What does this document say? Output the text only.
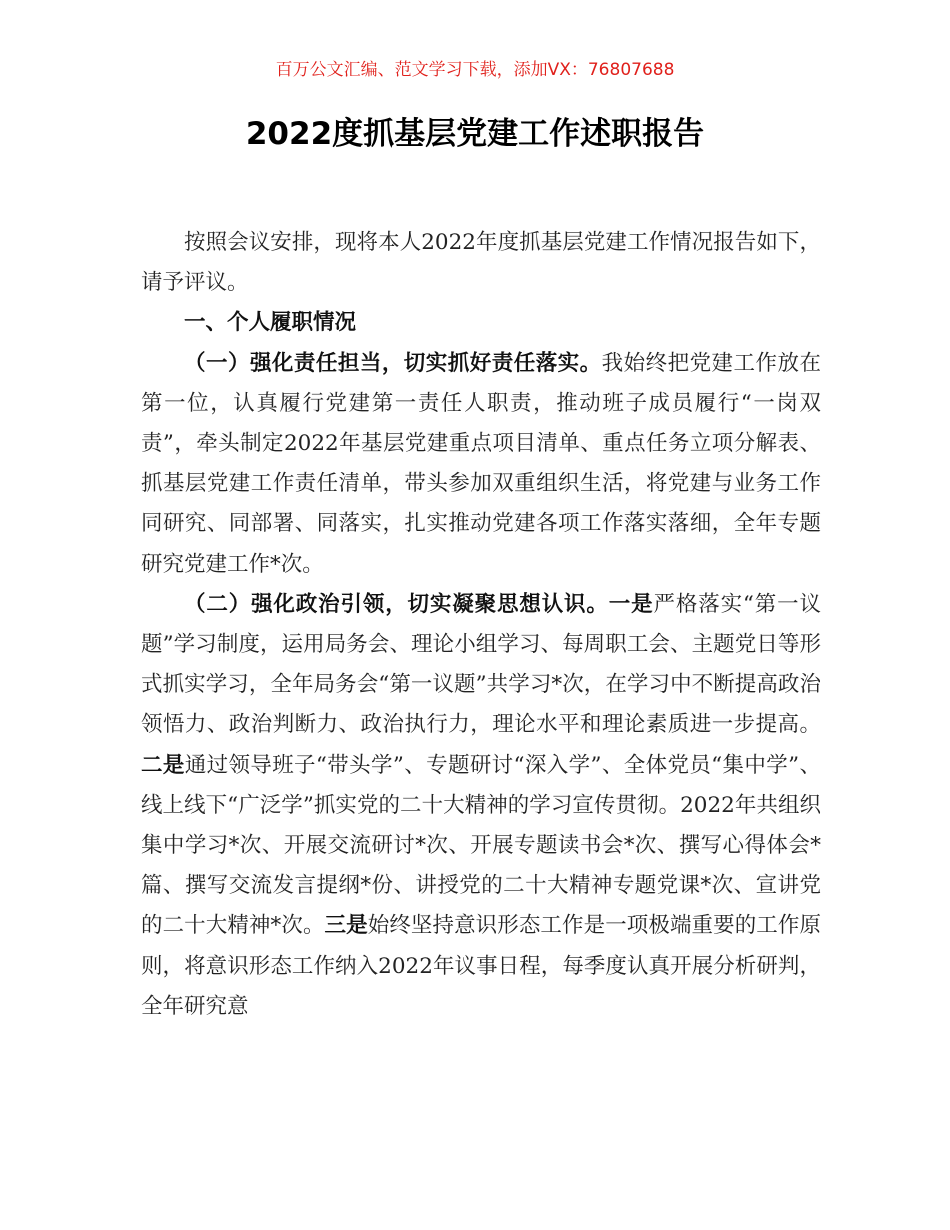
百万公文汇编、范文学习下载，添加VX：76807688
2022度抓基层党建工作述职报告

按照会议安排，现将本人2022年度抓基层党建工作情况报告如下，请予评议。

一、个人履职情况

（一）强化责任担当，切实抓好责任落实。我始终把党建工作放在第一位，认真履行党建第一责任人职责，推动班子成员履行“一岗双责”，牵头制定2022年基层党建重点项目清单、重点任务立项分解表、抓基层党建工作责任清单，带头参加双重组织生活，将党建与业务工作同研究、同部署、同落实，扎实推动党建各项工作落实落细，全年专题研究党建工作*次。

（二）强化政治引领，切实凝聚思想认识。一是严格落实“第一议题”学习制度，运用局务会、理论小组学习、每周职工会、主题党日等形式抓实学习，全年局务会“第一议题”共学习*次，在学习中不断提高政治领悟力、政治判断力、政治执行力，理论水平和理论素质进一步提高。二是通过领导班子“带头学”、专题研讨“深入学”、全体党员“集中学”、线上线下“广泛学”抓实党的二十大精神的学习宣传贯彻。2022年共组织集中学习*次、开展交流研讨*次、开展专题读书会*次、撰写心得体会*篇、撰写交流发言提纲*份、讲授党的二十大精神专题党课*次、宣讲党的二十大精神*次。三是始终坚持意识形态工作是一项极端重要的工作原则，将意识形态工作纳入2022年议事日程，每季度认真开展分析研判，全年研究意
